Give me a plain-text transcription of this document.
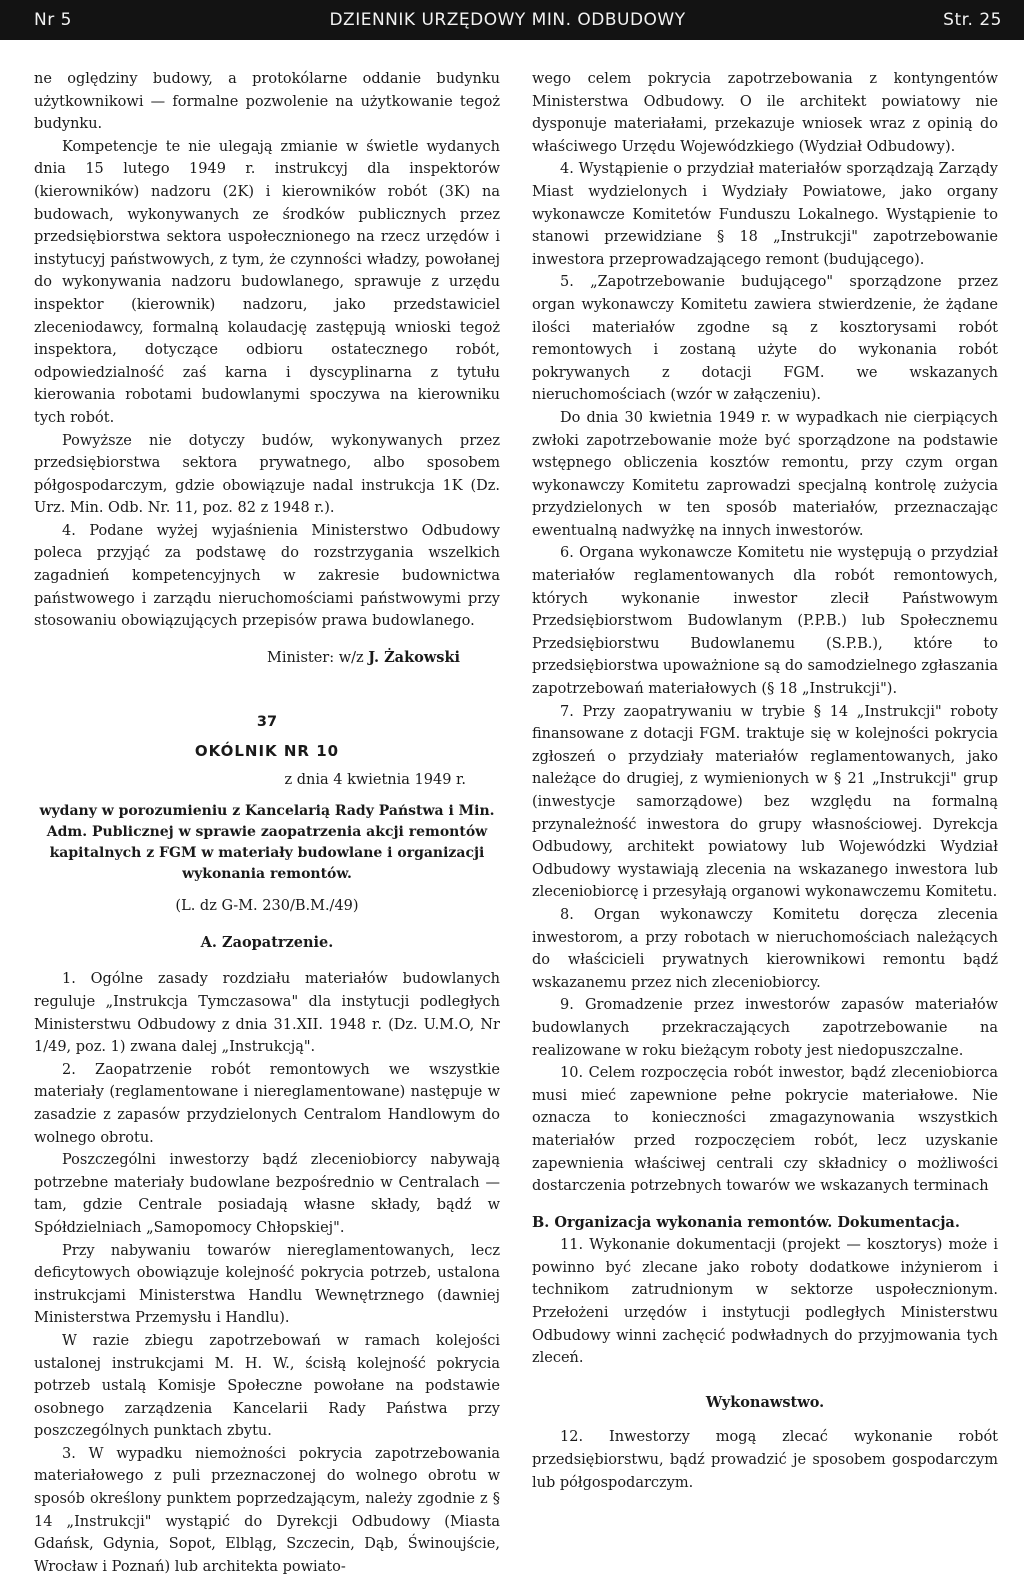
Nr 5	DZIENNIK URZĘDOWY MIN. ODBUDOWY	Str. 25

ne oględziny budowy, a protokólarne oddanie budynku użytkownikowi — formalne pozwolenie na użytkowanie tegoż budynku.

Kompetencje te nie ulegają zmianie w świetle wydanych dnia 15 lutego 1949 r. instrukcyj dla inspektorów (kierowników) nadzoru (2K) i kierowników robót (3K) na budowach, wykonywanych ze środków publicznych przez przedsiębiorstwa sektora uspołecznionego na rzecz urzędów i instytucyj państwowych, z tym, że czynności władzy, powołanej do wykonywania nadzoru budowlanego, sprawuje z urzędu inspektor (kierownik) nadzoru, jako przedstawiciel zleceniodawcy, formalną kolaudację zastępują wnioski tegoż inspektora, dotyczące odbioru ostatecznego robót, odpowiedzialność zaś karna i dyscyplinarna z tytułu kierowania robotami budowlanymi spoczywa na kierowniku tych robót.

Powyższe nie dotyczy budów, wykonywanych przez przedsiębiorstwa sektora prywatnego, albo sposobem półgospodarczym, gdzie obowiązuje nadal instrukcja 1K (Dz. Urz. Min. Odb. Nr. 11, poz. 82 z 1948 r.).

4. Podane wyżej wyjaśnienia Ministerstwo Odbudowy poleca przyjąć za podstawę do rozstrzygania wszelkich zagadnień kompetencyjnych w zakresie budownictwa państwowego i zarządu nieruchomościami państwowymi przy stosowaniu obowiązujących przepisów prawa budowlanego.

Minister: w/z J. Żakowski
37
OKÓLNIK NR 10
z dnia 4 kwietnia 1949 r.
wydany w porozumieniu z Kancelarią Rady Państwa i Min. Adm. Publicznej w sprawie zaopatrzenia akcji remontów kapitalnych z FGM w materiały budowlane i organizacji wykonania remontów.
(L. dz G-M. 230/B.M./49)
A. Zaopatrzenie.

1. Ogólne zasady rozdziału materiałów budowlanych reguluje „Instrukcja Tymczasowa" dla instytucji podległych Ministerstwu Odbudowy z dnia 31.XII. 1948 r. (Dz. U.M.O, Nr 1/49, poz. 1) zwana dalej „Instrukcją".

2. Zaopatrzenie robót remontowych we wszystkie materiały (reglamentowane i niereglamentowane) następuje w zasadzie z zapasów przydzielonych Centralom Handlowym do wolnego obrotu.

Poszczególni inwestorzy bądź zleceniobiorcy nabywają potrzebne materiały budowlane bezpośrednio w Centralach — tam, gdzie Centrale posiadają własne składy, bądź w Spółdzielniach „Samopomocy Chłopskiej".

Przy nabywaniu towarów niereglamentowanych, lecz deficytowych obowiązuje kolejność pokrycia potrzeb, ustalona instrukcjami Ministerstwa Handlu Wewnętrznego (dawniej Ministerstwa Przemysłu i Handlu).

W razie zbiegu zapotrzebowań w ramach kolejości ustalonej instrukcjami M. H. W., ścisłą kolejność pokrycia potrzeb ustalą Komisje Społeczne powołane na podstawie osobnego zarządzenia Kancelarii Rady Państwa przy poszczególnych punktach zbytu.

3. W wypadku niemożności pokrycia zapotrzebowania materiałowego z puli przeznaczonej do wolnego obrotu w sposób określony punktem poprzedzającym, należy zgodnie z § 14 „Instrukcji" wystąpić do Dyrekcji Odbudowy (Miasta Gdańsk, Gdynia, Sopot, Elbląg, Szczecin, Dąb, Świnoujście, Wrocław i Poznań) lub architekta powiato-

wego celem pokrycia zapotrzebowania z kontyngentów Ministerstwa Odbudowy. O ile architekt powiatowy nie dysponuje materiałami, przekazuje wniosek wraz z opinią do właściwego Urzędu Wojewódzkiego (Wydział Odbudowy).

4. Wystąpienie o przydział materiałów sporządzają Zarządy Miast wydzielonych i Wydziały Powiatowe, jako organy wykonawcze Komitetów Funduszu Lokalnego. Wystąpienie to stanowi przewidziane § 18 „Instrukcji" zapotrzebowanie inwestora przeprowadzającego remont (budującego).

5. „Zapotrzebowanie budującego" sporządzone przez organ wykonawczy Komitetu zawiera stwierdzenie, że żądane ilości materiałów zgodne są z kosztorysami robót remontowych i zostaną użyte do wykonania robót pokrywanych z dotacji FGM. we wskazanych nieruchomościach (wzór w załączeniu).

Do dnia 30 kwietnia 1949 r. w wypadkach nie cierpiących zwłoki zapotrzebowanie może być sporządzone na podstawie wstępnego obliczenia kosztów remontu, przy czym organ wykonawczy Komitetu zaprowadzi specjalną kontrolę zużycia przydzielonych w ten sposób materiałów, przeznaczając ewentualną nadwyżkę na innych inwestorów.

6. Organa wykonawcze Komitetu nie występują o przydział materiałów reglamentowanych dla robót remontowych, których wykonanie inwestor zlecił Państwowym Przedsiębiorstwom Budowlanym (P.P.B.) lub Społecznemu Przedsiębiorstwu Budowlanemu (S.P.B.), które to przedsiębiorstwa upoważnione są do samodzielnego zgłaszania zapotrzebowań materiałowych (§ 18 „Instrukcji").

7. Przy zaopatrywaniu w trybie § 14 „Instrukcji" roboty finansowane z dotacji FGM. traktuje się w kolejności pokrycia zgłoszeń o przydziały materiałów reglamentowanych, jako należące do drugiej, z wymienionych w § 21 „Instrukcji" grup (inwestycje samorządowe) bez względu na formalną przynależność inwestora do grupy własnościowej. Dyrekcja Odbudowy, architekt powiatowy lub Wojewódzki Wydział Odbudowy wystawiają zlecenia na wskazanego inwestora lub zleceniobiorcę i przesyłają organowi wykonawczemu Komitetu.

8. Organ wykonawczy Komitetu doręcza zlecenia inwestorom, a przy robotach w nieruchomościach należących do właścicieli prywatnych kierownikowi remontu bądź wskazanemu przez nich zleceniobiorcy.

9. Gromadzenie przez inwestorów zapasów materiałów budowlanych przekraczających zapotrzebowanie na realizowane w roku bieżącym roboty jest niedopuszczalne.

10. Celem rozpoczęcia robót inwestor, bądź zleceniobiorca musi mieć zapewnione pełne pokrycie materiałowe. Nie oznacza to konieczności zmagazynowania wszystkich materiałów przed rozpoczęciem robót, lecz uzyskanie zapewnienia właściwej centrali czy składnicy o możliwości dostarczenia potrzebnych towarów we wskazanych terminach

B. Organizacja wykonania remontów. Dokumentacja.

11. Wykonanie dokumentacji (projekt — kosztorys) może i powinno być zlecane jako roboty dodatkowe inżynierom i technikom zatrudnionym w sektorze uspołecznionym. Przełożeni urzędów i instytucji podległych Ministerstwu Odbudowy winni zachęcić podwładnych do przyjmowania tych zleceń.

Wykonawstwo.

12. Inwestorzy mogą zlecać wykonanie robót przedsiębiorstwu, bądź prowadzić je sposobem gospodarczym lub półgospodarczym.
